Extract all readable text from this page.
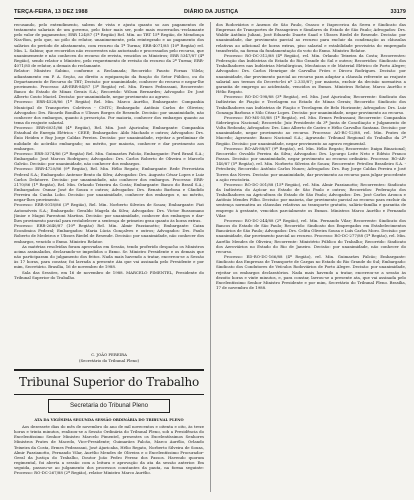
TERÇA-FEIRA, 13 DEZ 1988	DIÁRIO DA JUSTIÇA	33179

recusando, pelo entendimento, sabem de vista e ajusta quanto so aos pagamentos de tratamento salariais de um governo, pelo fator mais ser, pode mais encerrados.-reclamante pelo valor de pagamentos; ERR 124/87 (1ª Região) Rel. Min. ao TRT 15ª Região, de Mendonça Nas-Bon, pelo que, no pólo do relator, unanimemente, pela reintegrado e ao pagamento dos salários do período de afastamento, com recurso da 1ª Turma; ERR-4071/85 (10ª Região) rel. Min. L. Sabino; que recorridos não recorrentes não autorizado e processados pelo recurso, que unanimemente e não conheceu do recurso de revista, vencidos os Ministros; ERR 5347/87 (4ª Região), sendo relator o Ministro, pelo requerimento de revisão do recurso da 2ª Turma; ERR-4071/85 de relator, a demais do reclamante.

Relator: Ministro Sabino, conforme a Reclamada; Recorrido: Fausto Fornas Vilela; adiantamento em P. A. Seção, ao direito a equiparação da função do Setor Público, ou do Departamento de Recurso do TRT; Decisão: por unanimidade, conhecer do recurso e negar-lhe provimento. Processo: AR-ERR-84/87 (3ª Região) rel. Min. Ermes Pedrassani, Recorrente: Banco do Estado de Minas Gerais S.A.; Recorrido: Wilson Bernardes; Advogado: Dr. José Alberto Couto Maciel. Decisão: por unanimidade, negar provimento ao agravo.

Processo: ERR-4528/86 (1ª Região) Rel. Min. Marco Aurélio, Embargante: Companhia Municipal de Transportes Coletivos - CMTC; Embargado: Antônio Carlos de Oliveira; Advogados: Drs. Ricardo Bonilha e Ulisses Borges de Resende. Decisão: por unanimidade, não conhecer dos embargos, quanto à prescrição. Por maioria, conhecer dos embargos quanto ao tema do reajuste salarial.

Processo: ERR-6031/86 (4ª Região), Rel. Min. José Ajuricaba; Embargante: Companhia Estadual de Energia Elétrica - CEEE; Embargados: Aldo Machado e outros; Advogados: Drs. Ênio Heiden e Ruy Jorge Caldas Pereira. Decisão: por unanimidade, rejeitar a preliminar de nulidade do acórdão embargado; no mérito, por maioria, conhecer e dar provimento aos embargos.

Processo: ERR-3374/86 (2ª Região) Rel. Min. Guimarães Falcão, Embargante: Ford Brasil S.A.; Embargado: José Marcos Rodrigues; Advogados: Drs. Carlos Roberto de Oliveira e Marcelo Galvão. Decisão: por unanimidade, não conhecer dos embargos.

Processo: ERR-4720/86 (9ª Região), Rel. Min. Hélio Regato; Embargante: Rede Ferroviária Federal S.A.; Embargado: Antenor Bento da Silva; Advogados: Drs. Augusto César Lopes e Luiz Carlos Delatorre. Decisão: por unanimidade, não conhecer dos embargos. Processo: ERR-2170/86 (1ª Região), Rel. Min. Orlando Teixeira da Costa; Embargante: Banco do Brasil S.A.; Embargados: Osmar José de Souza e outros; Advogados: Drs. Renato Barbosa e Cândido Ferreira da Cunha Lobo. Decisão: por unanimidade, conhecer dos embargos e, no mérito, negar-lhes provimento.

Processo: ERR-5018/86 (3ª Região), Rel. Min. Norberto Silveira de Souza; Embargante: Fiat Automóveis S.A.; Embargado: Geraldo Magela da Silva; Advogados: Drs. Victor Russomano Júnior e Magui Parentoni Martins. Decisão: por unanimidade, conhecer dos embargos e dar-lhes provimento parcial para restabelecer a sentença de primeiro grau quanto às horas extras.

Processo: ERR-2640/87 (10ª Região) Rel. Min. Almir Pazzianotto; Embargante: Caixa Econômica Federal; Embargados: Maria Lúcia Gonçalves e outros; Advogados: Drs. Paulo Roberto de Medeiros e Ulisses Riedel de Resende. Decisão: por unanimidade, não conhecer dos embargos, vencido o Exmo. Ministro Relator.

As matérias resolvidas foram aprovadas em Sessão, tendo proferido despacho os Ministros acima assinalados, declarando-se impedidos o Exmo. Sr. Ministro Presidente e os demais que não participaram do julgamento dos feitos. Nada mais havendo a tratar, encerrou-se a Sessão às 17 horas, para constar, foi lavrada a presente Ata que vai assinada pelo Presidente e por mim, Secretário. Brasília, 16 de novembro de 1988.

Sala das Sessões, em 16 de novembro de 1988. MARCELO PIMENTEL, Presidente do Tribunal Superior do Trabalho.

C. JOÃO PEREIRA
(Secretário do Tribunal Pleno)
Tribunal Superior do Trabalho
Secretaria do Tribunal Pleno
ATA DA VIGÉSIMA SEGUNDA SESSÃO ORDINÁRIA DO TRIBUNAL PLENO

Aos dezessete dias do mês de novembro do ano de mil novecentos e oitenta e oito, às treze horas e trinta minutos, realizou-se a Sessão Ordinária do Tribunal Pleno, sob a Presidência do Excelentíssimo Senhor Ministro Marcelo Pimentel, presentes os Excelentíssimos Senhores Ministros Prates de Macedo, Vice-Presidente; Guimarães Falcão, Marco Aurélio, Orlando Teixeira da Costa, Ermes Pedrassani, José Ajuricaba, Hélio Regato, Norberto Silveira de Souza, Almir Pazzianotto, Fernando Vilar, Aurélio Mendes de Oliveira e o Excelentíssimo Procurador-Geral da Justiça do Trabalho, Doutor João Pedro Ferraz dos Passos. Havendo quorum regimental, foi aberta a sessão com a leitura e aprovação da ata da sessão anterior. Em seguida, passou-se ao julgamento dos processos constantes da pauta, na forma seguinte: Processo: RO-DC-267/88 (2ª Região), relator Ministro Marco Aurélio.

dos Rodoviários e Anexos de São Paulo, Osasco e Itapecerica da Serra e Sindicato das Empresas de Transportes de Passageiros e Similares do Estado de São Paulo; Advogados: Drs. Waldir Antônio Juliani, José Eduardo Duarte Saad e Ulisses Riedel de Resende. Decisão: por unanimidade, dar provimento parcial ao recurso para excluir da condenação as cláusulas relativas ao adicional de horas extras, piso salarial e estabilidade provisória do empregado transferido, na forma da fundamentação do voto do Exmo. Ministro Relator.

Processo: RO-DC-312/88 (4ª Região), rel. Min. Orlando Teixeira da Costa; Recorrentes: Federação das Indústrias do Estado do Rio Grande do Sul e outros; Recorridos: Sindicato dos Trabalhadores nas Indústrias Metalúrgicas, Mecânicas e de Material Elétrico de Porto Alegre; Advogados: Drs. Carlos Henrique de Carvalho Fróes e Dirceu Rodrigues. Decisão: por unanimidade, dar provimento parcial ao recurso para adaptar a cláusula referente ao reajuste salarial aos termos do Decreto-lei nº 2.335/87; por maioria, excluir da decisão normativa a garantia de emprego ao acidentado, vencidos os Exmos. Ministros Relator, Marco Aurélio e Hélio Regato.

Processo: RO-DC-198/88 (3ª Região), rel. Min. José Ajuricaba; Recorrente: Sindicato das Indústrias de Fiação e Tecelagem no Estado de Minas Gerais; Recorrido: Sindicato dos Trabalhadores nas Indústrias de Fiação e Tecelagem de Belo Horizonte; Advogados: Drs. Luiz Gonzaga Barbosa e Nilo Cézar Lopes. Decisão: por unanimidade, negar provimento ao recurso.

Processo: RO-MS-55/88 (1ª Região), rel. Min. Ermes Pedrassani; Recorrente: Companhia Siderúrgica Nacional; Recorrido: Juiz Presidente da 3ª Junta de Conciliação e Julgamento de Volta Redonda; Advogados: Drs. Lino Alberto de Castro e Hélio Carvalho Santana. Decisão: por unanimidade, negar provimento ao recurso. Processo: AG-RC-12/88, rel. Min. Prates de Macedo; Agravante: Banco Nacional S.A.; Agravado: Tribunal Regional do Trabalho da 2ª Região. Decisão: por unanimidade, negar provimento ao agravo regimental.

Processo: RO-AR-88/87 (9ª Região), rel. Min. Hélio Regato; Recorrente: Itaipu Binacional; Recorrido: Osvaldo Pereira da Silva; Advogados: Drs. Lycurgo Leite Neto e Edésio Franco Passos. Decisão: por unanimidade, negar provimento ao recurso ordinário. Processo: RO-AR-140/87 (5ª Região), rel. Min. Norberto Silveira de Souza; Recorrente: Petróleo Brasileiro S.A. - Petrobrás; Recorrido: Antônio Carlos Nunes; Advogados: Drs. Ruy Jorge Caldas Pereira e José Torres das Neves. Decisão: por unanimidade, dar provimento ao recurso para julgar procedente a ação rescisória.

Processo: RO-DC-301/88 (15ª Região), rel. Min. Almir Pazzianotto; Recorrentes: Sindicato da Indústria do Açúcar no Estado de São Paulo e outros; Recorridos: Federação dos Trabalhadores na Agricultura do Estado de São Paulo; Advogados: Drs. José Carlos Arouca e Antônio Mendes Filho. Decisão: por maioria, dar provimento parcial ao recurso para excluir da sentença normativa as cláusulas relativas ao transporte gratuito, salário-família e garantia de emprego à gestante, vencidos parcialmente os Exmos. Ministros Marco Aurélio e Fernando Vilar.

Processo: RO-DC-244/88 (2ª Região), rel. Min. Fernando Vilar; Recorrente: Sindicato dos Bancos do Estado de São Paulo; Recorrido: Sindicato dos Empregados em Estabelecimentos Bancários de São Paulo; Advogados: Drs. Celita Oliveira Sousa e Luís Carlos Moro. Decisão: por unanimidade, dar provimento parcial ao recurso. Processo: RO-DC-277/88 (1ª Região), rel. Min. Aurélio Mendes de Oliveira; Recorrente: Ministério Público do Trabalho; Recorrido: Sindicato dos Aeroviários no Estado do Rio de Janeiro. Decisão: por unanimidade, não conhecer do recurso.

Processo: ED-RO-DC-166/88 (4ª Região), rel. Min. Guimarães Falcão; Embargante: Sindicato das Empresas de Transporte de Cargas no Estado do Rio Grande do Sul; Embargado: Sindicato dos Condutores de Veículos Rodoviários de Porto Alegre. Decisão: por unanimidade, rejeitar os embargos declaratórios. Nada mais havendo a tratar, encerrou-se a sessão às dezoito horas e vinte minutos, e, para constar, lavrou-se a presente ata, que vai assinada pelo Excelentíssimo Senhor Ministro Presidente e por mim, Secretário do Tribunal Pleno. Brasília, 17 de novembro de 1988.
